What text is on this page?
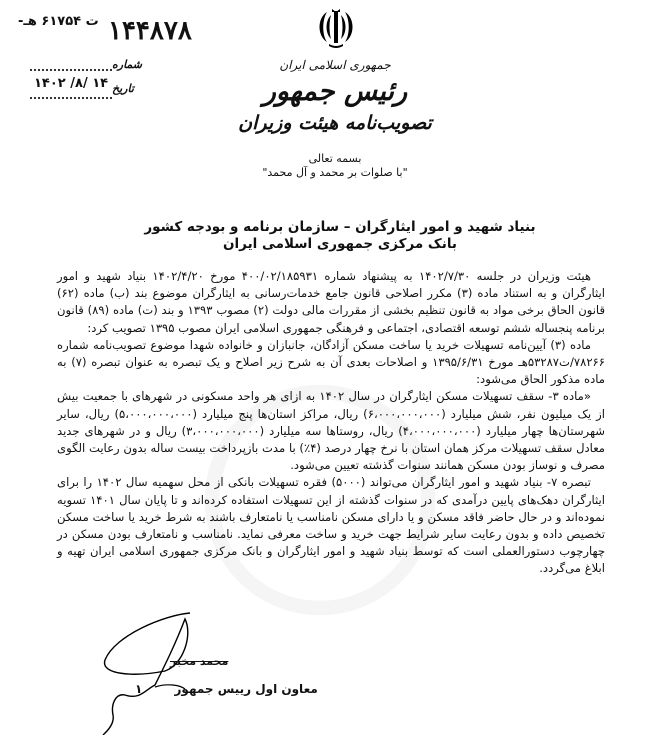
ت ۶۱۷۵۴ هـ- ۱۴۴۸۷۸
شماره
۱۴۰۲ /۸/ ۱۴ تاریخ
جمهوری اسلامی ایران
رئیس جمهور
تصویب‌نامه هیئت وزیران
بسمه تعالی
"با صلوات بر محمد و آل محمد"
بنیاد شهید و امور ایثارگران – سازمان برنامه و بودجه کشور
بانک مرکزی جمهوری اسلامی ایران

هیئت وزیران در جلسه ۱۴۰۲/۷/۳۰ به پیشنهاد شماره ۴۰۰/۰۲/۱۸۵۹۳۱ مورخ ۱۴۰۲/۴/۲۰ بنیاد شهید و امور ایثارگران و به استناد ماده (۳) مکرر اصلاحی قانون جامع خدمات‌رسانی به ایثارگران موضوع بند (ب) ماده (۶۲) قانون الحاق برخی مواد به قانون تنظیم بخشی از مقررات مالی دولت (۲) مصوب ۱۳۹۳ و بند (ت) ماده (۸۹) قانون برنامه پنجساله ششم توسعه اقتصادی، اجتماعی و فرهنگی جمهوری اسلامی ایران مصوب ۱۳۹۵ تصویب کرد:

ماده (۳) آیین‌نامه تسهیلات خرید یا ساخت مسکن آزادگان، جانبازان و خانواده شهدا موضوع تصویب‌نامه شماره ۷۸۲۶۶/ت۵۳۲۸۷هـ مورخ ۱۳۹۵/۶/۳۱ و اصلاحات بعدی آن به شرح زیر اصلاح و یک تبصره به عنوان تبصره (۷) به ماده مذکور الحاق می‌شود:

«ماده ۳- سقف تسهیلات مسکن ایثارگران در سال ۱۴۰۲ به ازای هر واحد مسکونی در شهرهای با جمعیت بیش از یک میلیون نفر، شش میلیارد (۶،۰۰۰،۰۰۰،۰۰۰) ریال، مراکز استان‌ها پنج میلیارد (۵،۰۰۰،۰۰۰،۰۰۰) ریال، سایر شهرستان‌ها چهار میلیارد (۴،۰۰۰،۰۰۰،۰۰۰) ریال، روستاها سه میلیارد (۳،۰۰۰،۰۰۰،۰۰۰) ریال و در شهرهای جدید معادل سقف تسهیلات مرکز همان استان با نرخ چهار درصد (۴٪) با مدت بازپرداخت بیست ساله بدون رعایت الگوی مصرف و نوساز بودن مسکن همانند سنوات گذشته تعیین می‌شود.

تبصره ۷- بنیاد شهید و امور ایثارگران می‌تواند (۵۰۰۰) فقره تسهیلات بانکی از محل سهمیه سال ۱۴۰۲ را برای ایثارگران دهک‌های پایین درآمدی که در سنوات گذشته از این تسهیلات استفاده کرده‌اند و تا پایان سال ۱۴۰۱ تسویه نموده‌اند و در حال حاضر فاقد مسکن و یا دارای مسکن نامناسب یا نامتعارف باشند به شرط خرید یا ساخت مسکن تخصیص داده و بدون رعایت سایر شرایط جهت خرید و ساخت معرفی نماید. نامناسب و نامتعارف بودن مسکن در چهارچوب دستورالعملی است که توسط بنیاد شهید و امور ایثارگران و بانک مرکزی جمهوری اسلامی ایران تهیه و ابلاغ می‌گردد.

محمد مخبر
معاون اول رییس جمهور ۱
